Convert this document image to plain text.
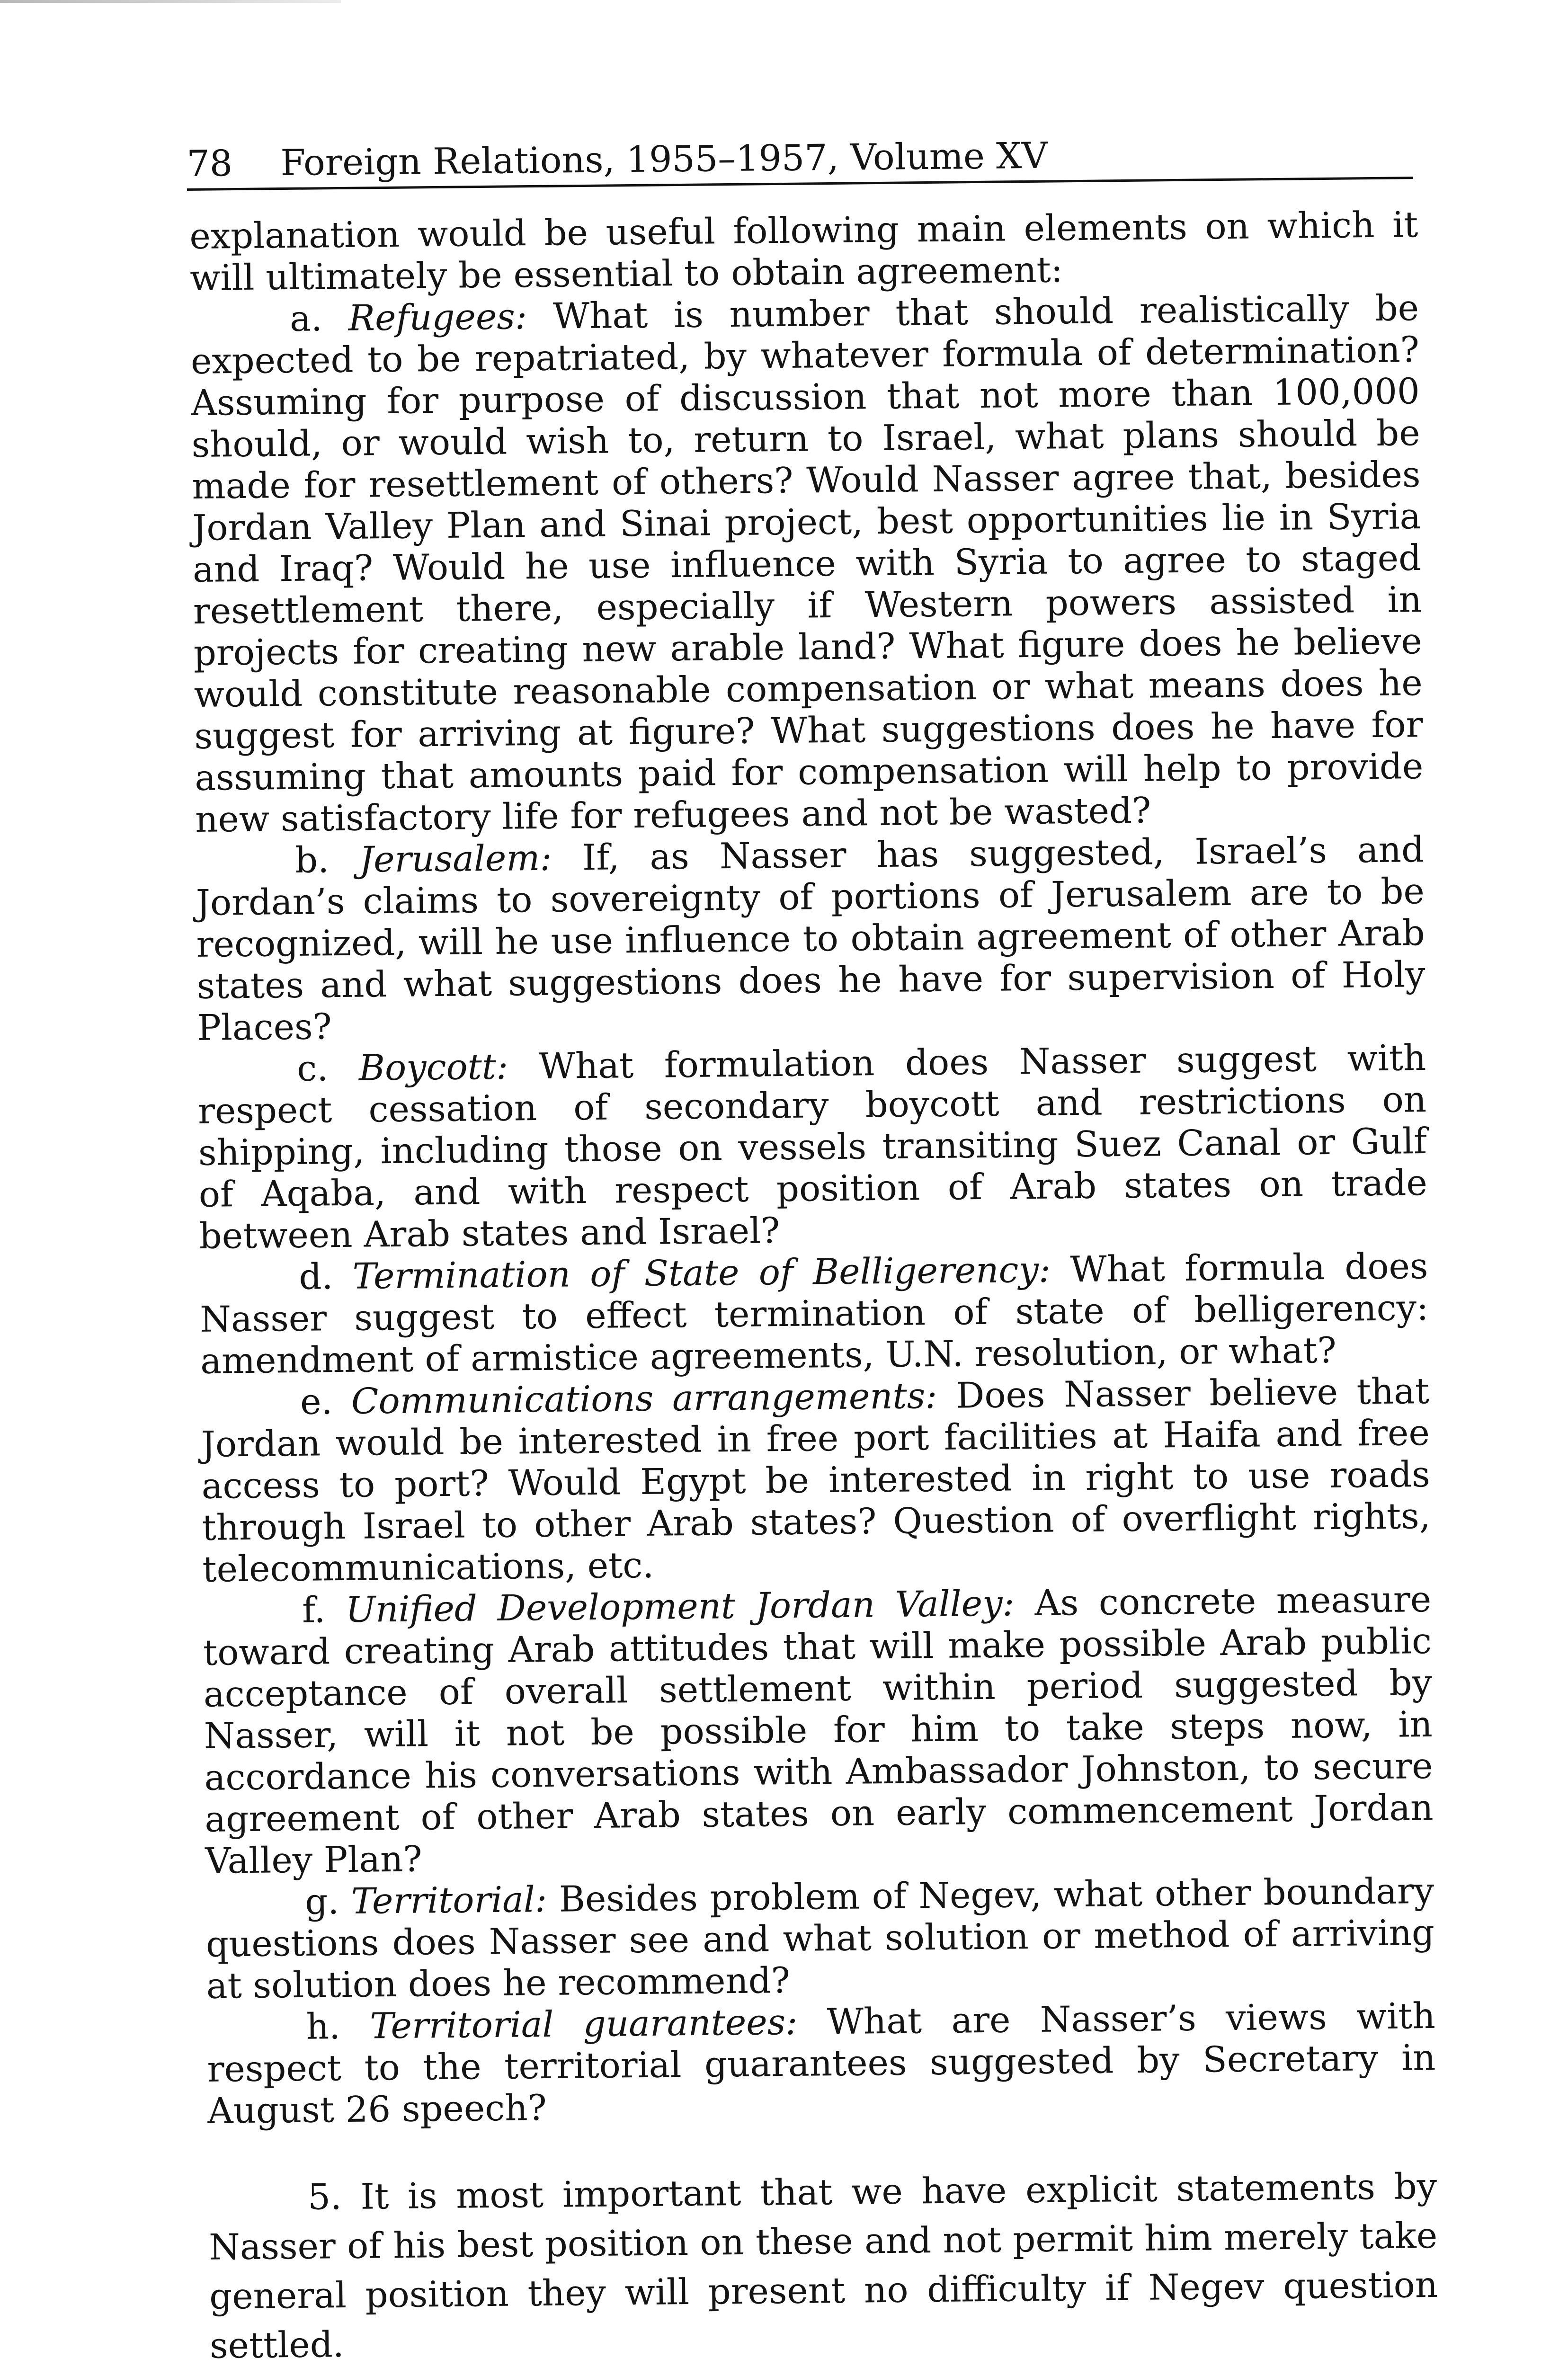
78 Foreign Relations, 1955–1957, Volume XV

explanation would be useful following main elements on which it will ultimately be essential to obtain agreement:

a. Refugees: What is number that should realistically be expected to be repatriated, by whatever formula of determination? Assuming for purpose of discussion that not more than 100,000 should, or would wish to, return to Israel, what plans should be made for resettlement of others? Would Nasser agree that, besides Jordan Valley Plan and Sinai project, best opportunities lie in Syria and Iraq? Would he use influence with Syria to agree to staged resettlement there, especially if Western powers assisted in projects for creating new arable land? What figure does he believe would constitute reasonable compensation or what means does he suggest for arriving at figure? What suggestions does he have for assuming that amounts paid for compensation will help to provide new satisfactory life for refugees and not be wasted?

b. Jerusalem: If, as Nasser has suggested, Israel’s and Jordan’s claims to sovereignty of portions of Jerusalem are to be recognized, will he use influence to obtain agreement of other Arab states and what suggestions does he have for supervision of Holy Places?

c. Boycott: What formulation does Nasser suggest with respect cessation of secondary boycott and restrictions on shipping, including those on vessels transiting Suez Canal or Gulf of Aqaba, and with respect position of Arab states on trade between Arab states and Israel?

d. Termination of State of Belligerency: What formula does Nasser suggest to effect termination of state of belligerency: amendment of armistice agreements, U.N. resolution, or what?

e. Communications arrangements: Does Nasser believe that Jordan would be interested in free port facilities at Haifa and free access to port? Would Egypt be interested in right to use roads through Israel to other Arab states? Question of overflight rights, telecommunications, etc.

f. Unified Development Jordan Valley: As concrete measure toward creating Arab attitudes that will make possible Arab public acceptance of overall settlement within period suggested by Nasser, will it not be possible for him to take steps now, in accordance his conversations with Ambassador Johnston, to secure agreement of other Arab states on early commencement Jordan Valley Plan?

g. Territorial: Besides problem of Negev, what other boundary questions does Nasser see and what solution or method of arriving at solution does he recommend?

h. Territorial guarantees: What are Nasser’s views with respect to the territorial guarantees suggested by Secretary in August 26 speech?

5. It is most important that we have explicit statements by Nasser of his best position on these and not permit him merely take general position they will present no difficulty if Negev question settled.
